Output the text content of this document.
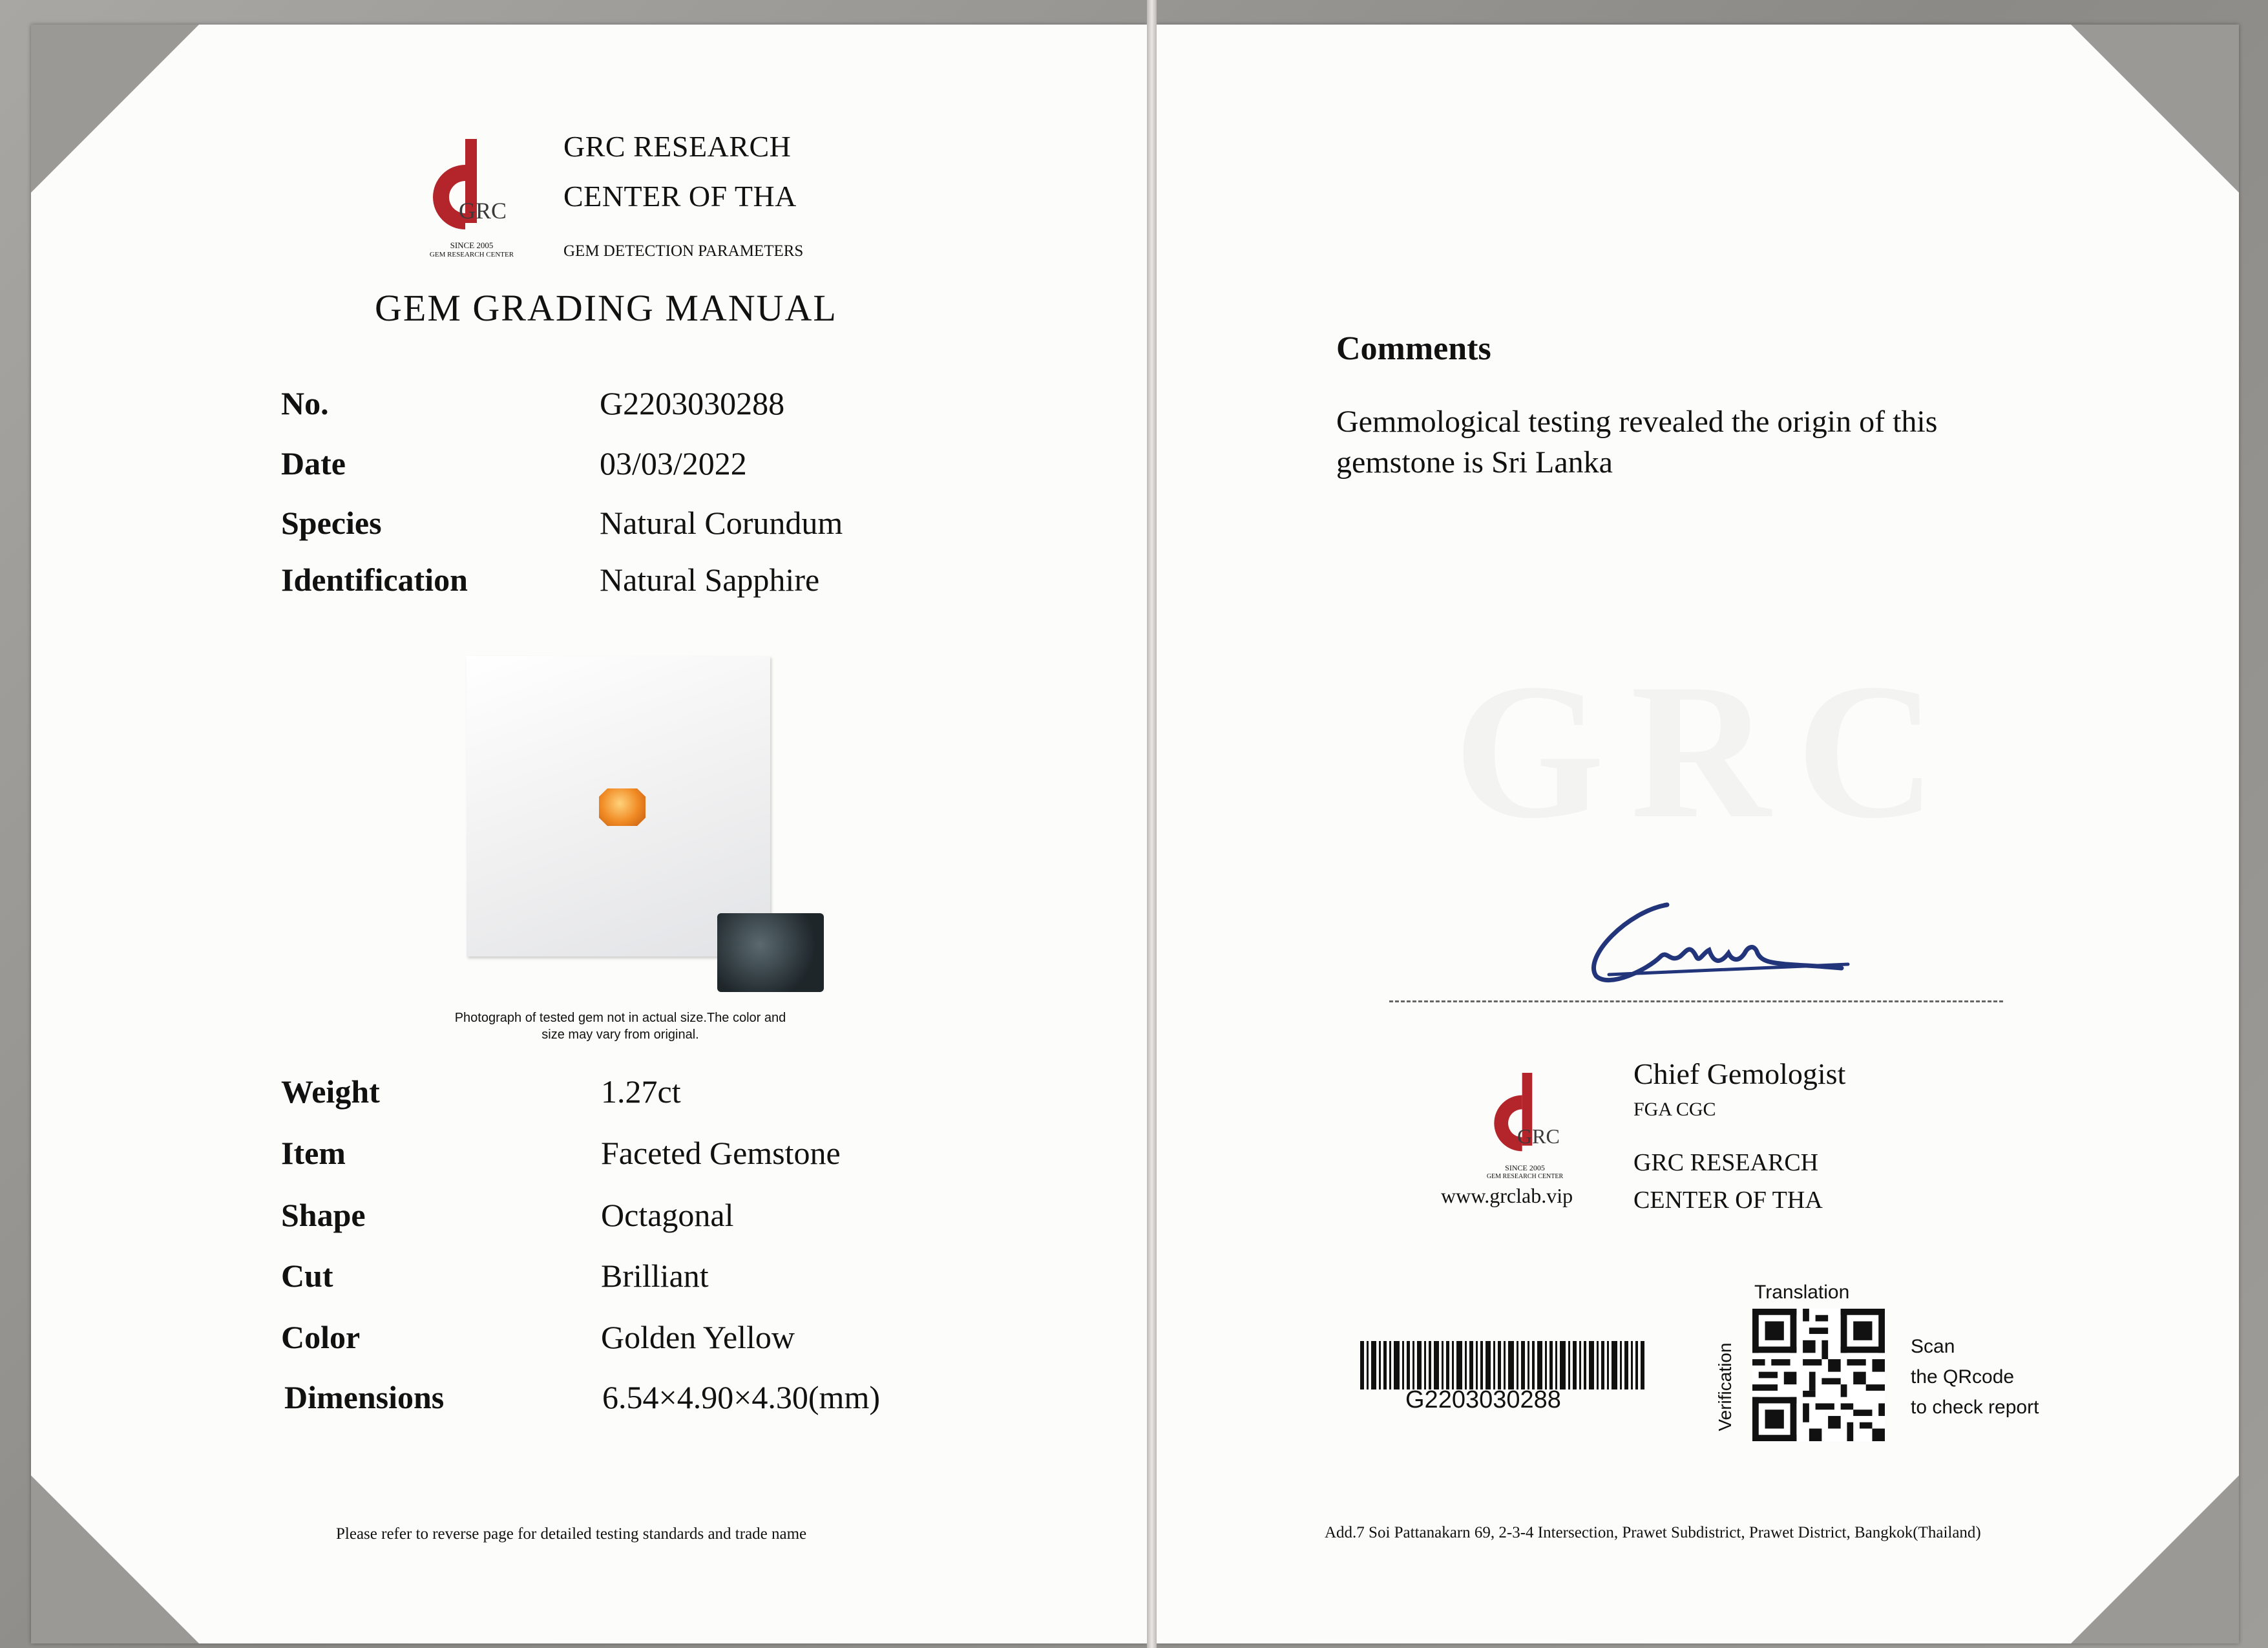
GRC
SINCE 2005
GEM RESEARCH CENTER
GRC RESEARCH
CENTER OF THA
GEM DETECTION PARAMETERS
GEM GRADING MANUAL
No.	G2203030288
Date	03/03/2022
Species	Natural Corundum
Identification	Natural Sapphire
Photograph of tested gem not in actual size.The color and
size may vary from original.
Weight	1.27ct
Item	Faceted Gemstone
Shape	Octagonal
Cut	Brilliant
Color	Golden Yellow
Dimensions	6.54×4.90×4.30(mm)
Please refer to reverse page for detailed testing standards and trade name
Comments
Gemmological testing revealed the origin of this
gemstone is Sri Lanka
GRC
SINCE 2005
GEM RESEARCH CENTER
www.grclab.vip
Chief Gemologist
FGA CGC
GRC RESEARCH
CENTER OF THA
G2203030288
Translation
Verification	Scan
the QRcode
to check report
Add.7 Soi Pattanakarn 69, 2-3-4 Intersection, Prawet Subdistrict, Prawet District, Bangkok(Thailand)
